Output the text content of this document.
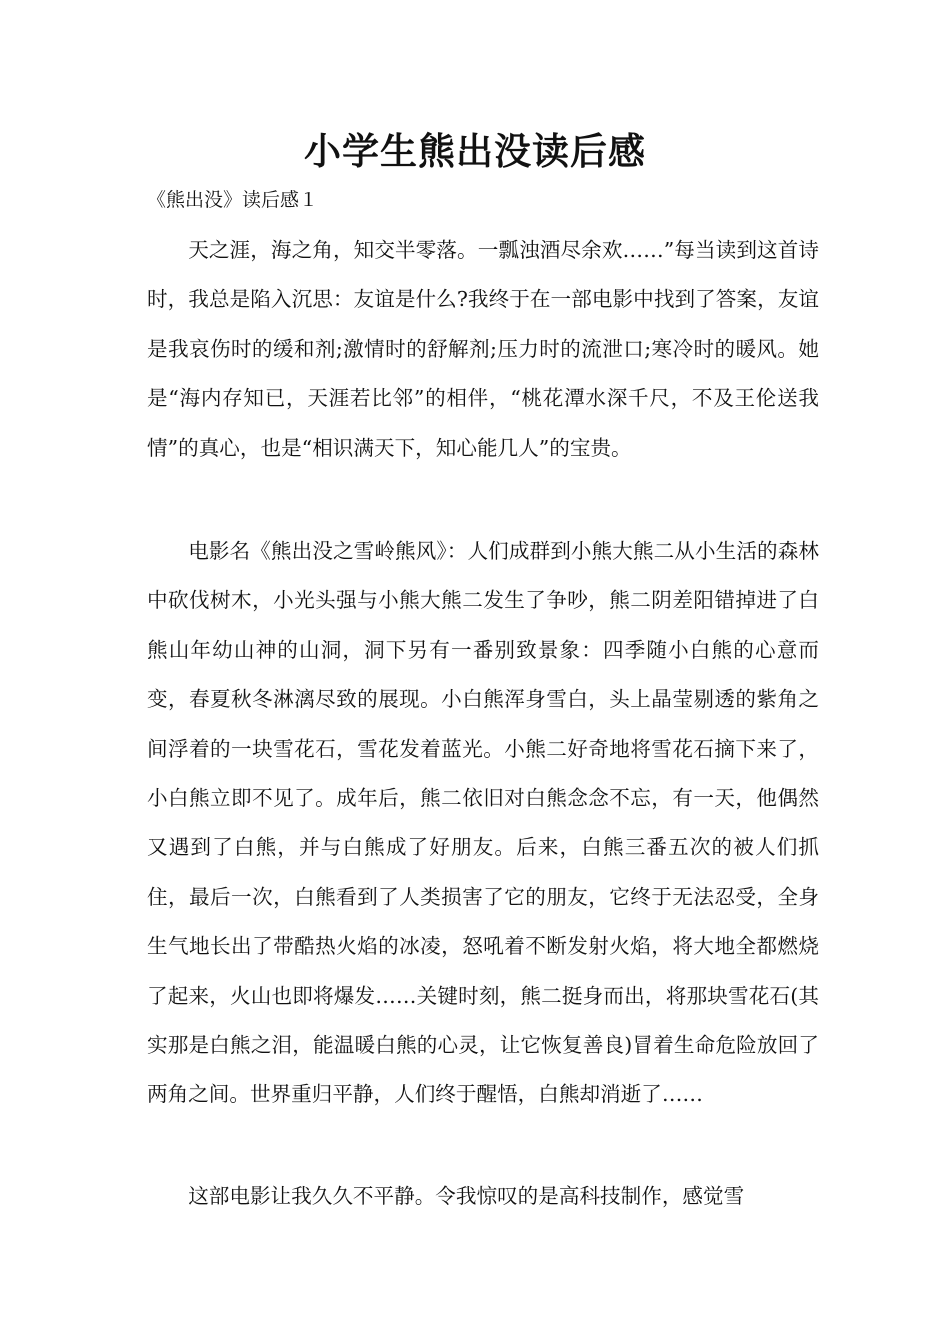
小学生熊出没读后感

《熊出没》读后感１

天之涯，海之角，知交半零落。一瓢浊酒尽余欢……”每当读到这首诗时，我总是陷入沉思：友谊是什么?我终于在一部电影中找到了答案，友谊是我哀伤时的缓和剂;激情时的舒解剂;压力时的流泄口;寒冷时的暖风。她是“海内存知已，天涯若比邻”的相伴，“桃花潭水深千尺，不及王伦送我情”的真心，也是“相识满天下，知心能几人”的宝贵。

电影名《熊出没之雪岭熊风》：人们成群到小熊大熊二从小生活的森林中砍伐树木，小光头强与小熊大熊二发生了争吵，熊二阴差阳错掉进了白熊山年幼山神的山洞，洞下另有一番别致景象：四季随小白熊的心意而变，春夏秋冬淋漓尽致的展现。小白熊浑身雪白，头上晶莹剔透的紫角之间浮着的一块雪花石，雪花发着蓝光。小熊二好奇地将雪花石摘下来了，小白熊立即不见了。成年后，熊二依旧对白熊念念不忘，有一天，他偶然又遇到了白熊，并与白熊成了好朋友。后来，白熊三番五次的被人们抓住，最后一次，白熊看到了人类损害了它的朋友，它终于无法忍受，全身生气地长出了带酷热火焰的冰凌，怒吼着不断发射火焰，将大地全都燃烧了起来，火山也即将爆发……关键时刻，熊二挺身而出，将那块雪花石(其实那是白熊之泪，能温暖白熊的心灵，让它恢复善良)冒着生命危险放回了两角之间。世界重归平静，人们终于醒悟，白熊却消逝了……

这部电影让我久久不平静。令我惊叹的是高科技制作，感觉雪
